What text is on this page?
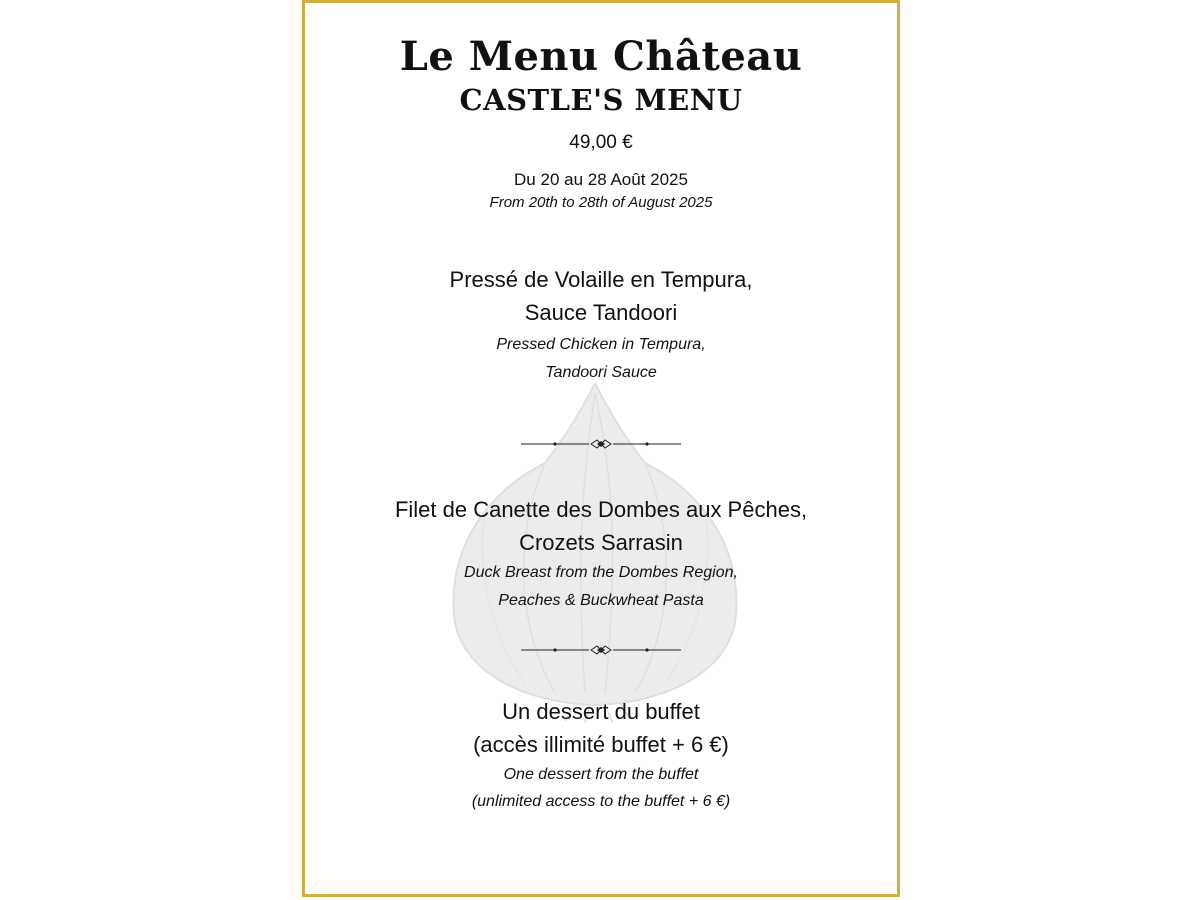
Le Menu Château
CASTLE'S MENU
49,00 €
Du 20 au 28 Août 2025
From 20th to 28th of August 2025
Pressé de Volaille en Tempura,
Sauce Tandoori
Pressed Chicken in Tempura,
Tandoori Sauce
Filet de Canette des Dombes aux Pêches,
Crozets Sarrasin
Duck Breast from the Dombes Region,
Peaches & Buckwheat Pasta
Un dessert du buffet
(accès illimité buffet + 6 €)
One dessert from the buffet
(unlimited access to the buffet + 6 €)
